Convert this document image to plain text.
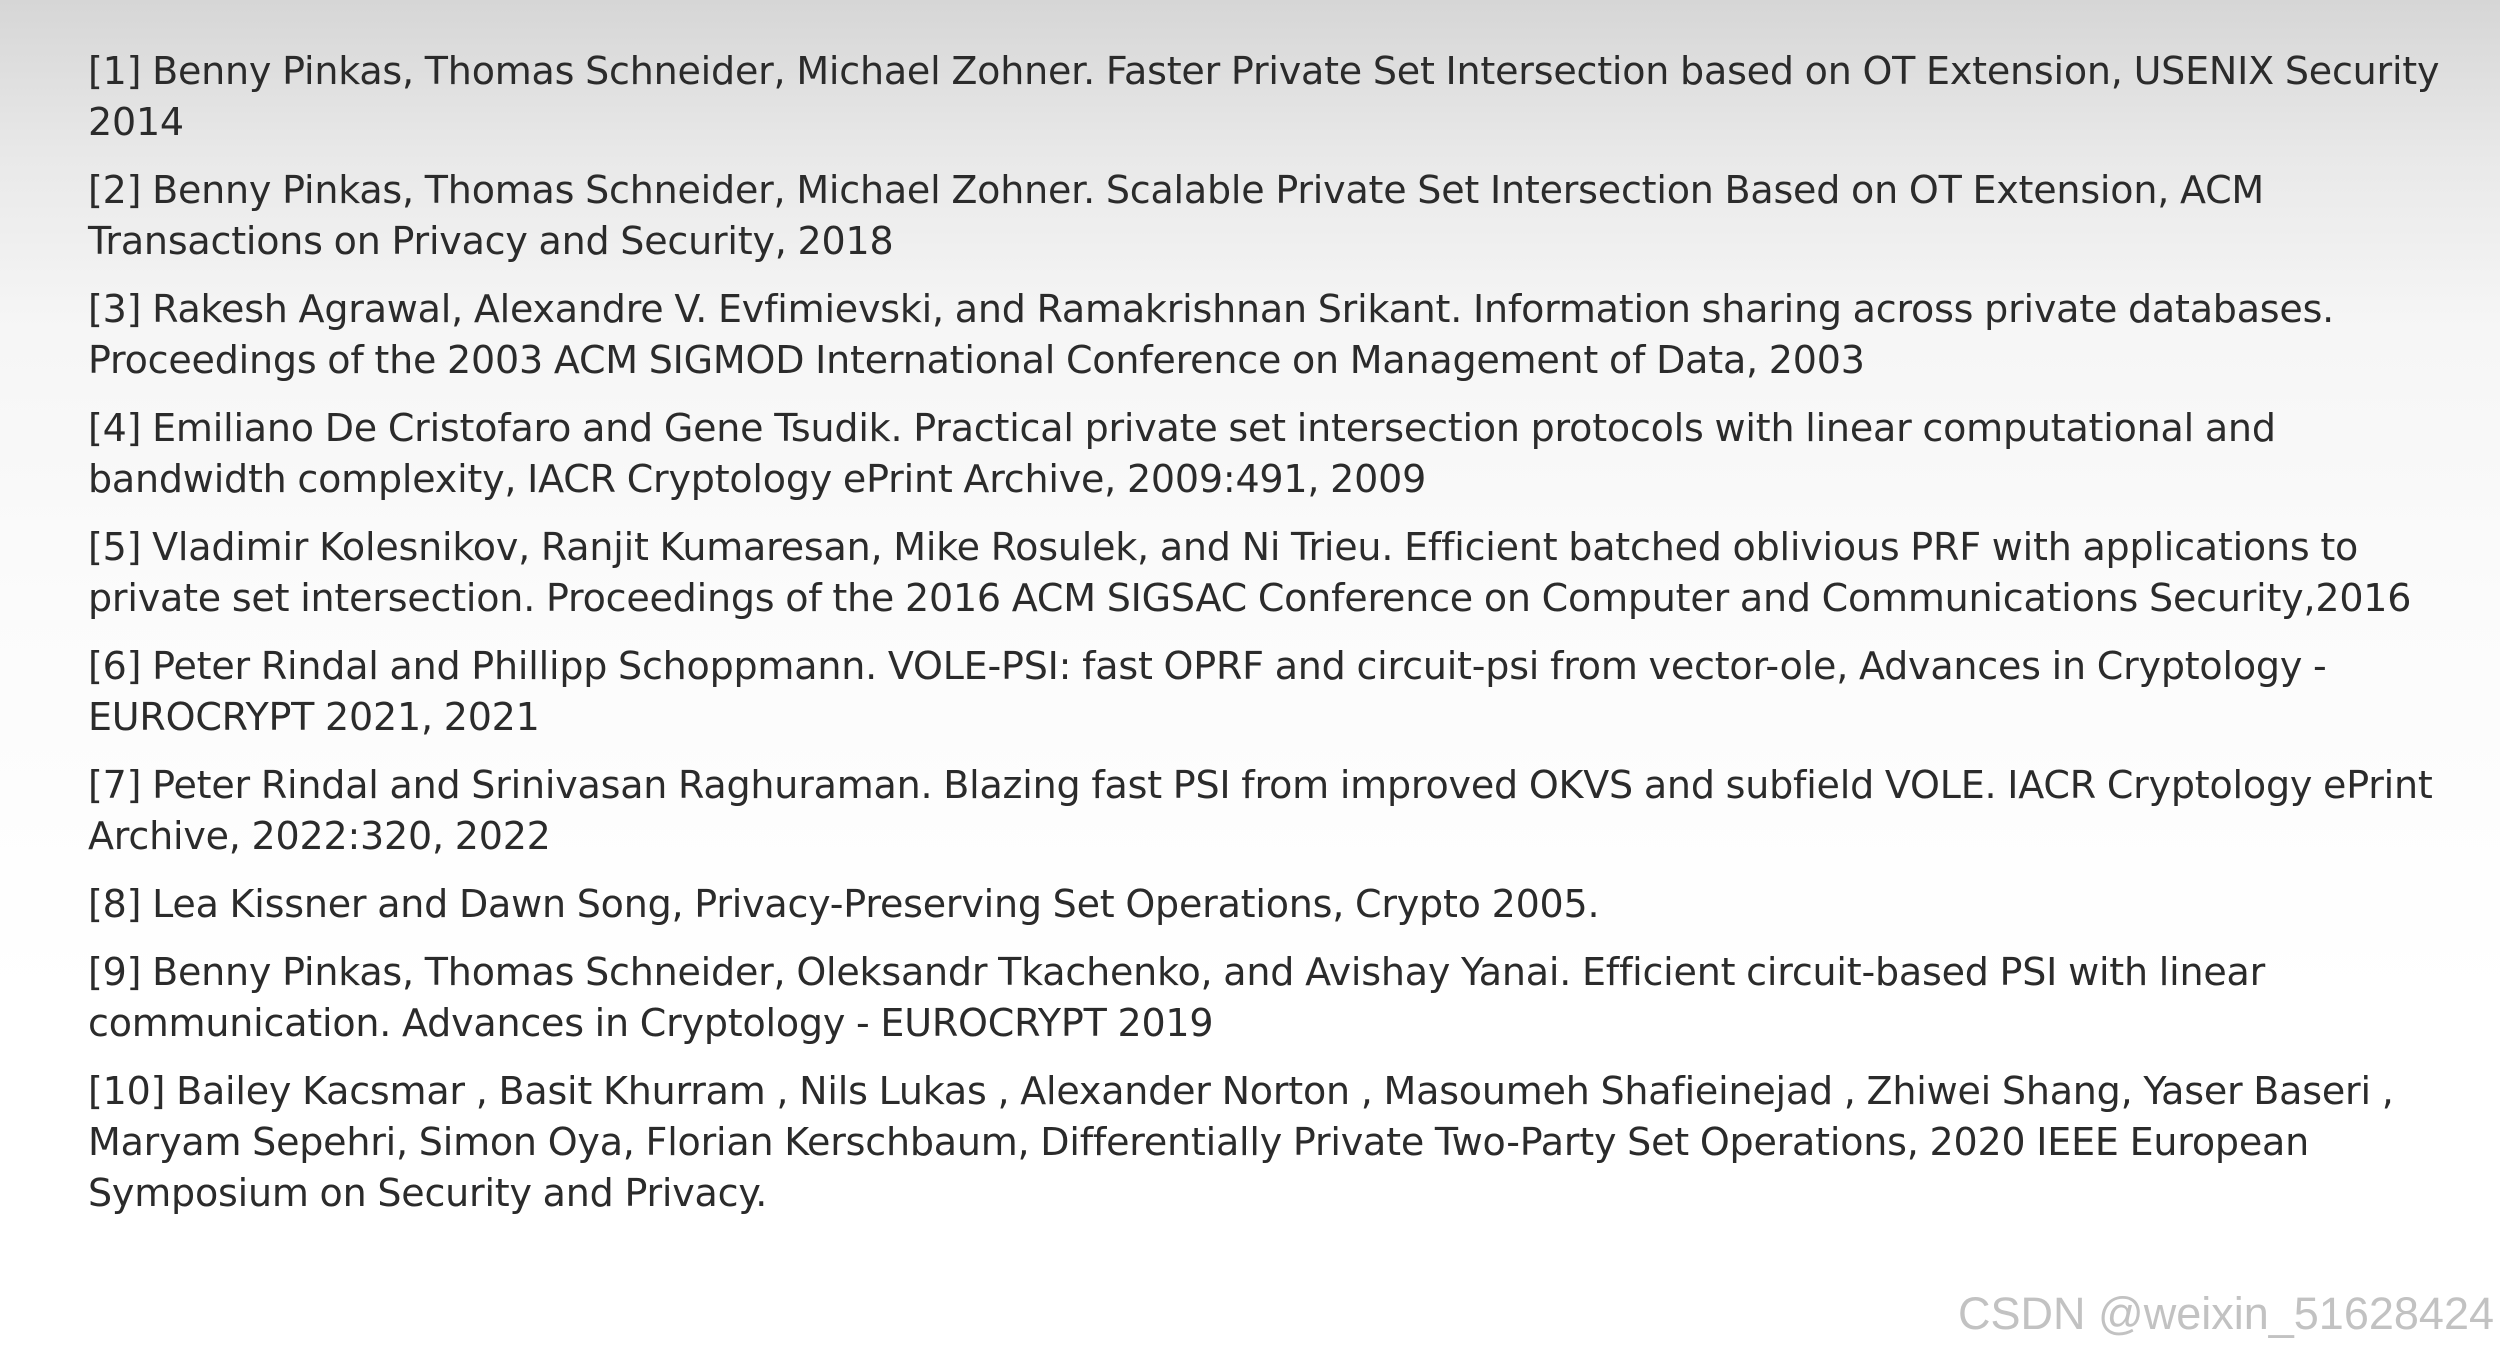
[1] Benny Pinkas, Thomas Schneider, Michael Zohner. Faster Private Set Intersection based on OT Extension, USENIX Security 2014
[2] Benny Pinkas, Thomas Schneider, Michael Zohner. Scalable Private Set Intersection Based on OT Extension, ACM Transactions on Privacy and Security, 2018
[3] Rakesh Agrawal, Alexandre V. Evfimievski, and Ramakrishnan Srikant. Information sharing across private databases. Proceedings of the 2003 ACM SIGMOD International Conference on Management of Data, 2003
[4] Emiliano De Cristofaro and Gene Tsudik. Practical private set intersection protocols with linear computational and bandwidth complexity, IACR Cryptology ePrint Archive, 2009:491, 2009
[5] Vladimir Kolesnikov, Ranjit Kumaresan, Mike Rosulek, and Ni Trieu. Efficient batched oblivious PRF with applications to private set intersection. Proceedings of the 2016 ACM SIGSAC Conference on Computer and Communications Security,2016
[6] Peter Rindal and Phillipp Schoppmann. VOLE-PSI: fast OPRF and circuit-psi from vector-ole, Advances in Cryptology - EUROCRYPT 2021, 2021
[7] Peter Rindal and Srinivasan Raghuraman. Blazing fast PSI from improved OKVS and subfield VOLE. IACR Cryptology ePrint Archive, 2022:320, 2022
[8] Lea Kissner and Dawn Song, Privacy-Preserving Set Operations, Crypto 2005.
[9] Benny Pinkas, Thomas Schneider, Oleksandr Tkachenko, and Avishay Yanai. Efficient circuit-based PSI with linear communication. Advances in Cryptology - EUROCRYPT 2019
[10] Bailey Kacsmar , Basit Khurram , Nils Lukas , Alexander Norton , Masoumeh Shafieinejad , Zhiwei Shang, Yaser Baseri , Maryam Sepehri, Simon Oya, Florian Kerschbaum, Differentially Private Two-Party Set Operations, 2020 IEEE European Symposium on Security and Privacy.
CSDN @weixin_51628424
